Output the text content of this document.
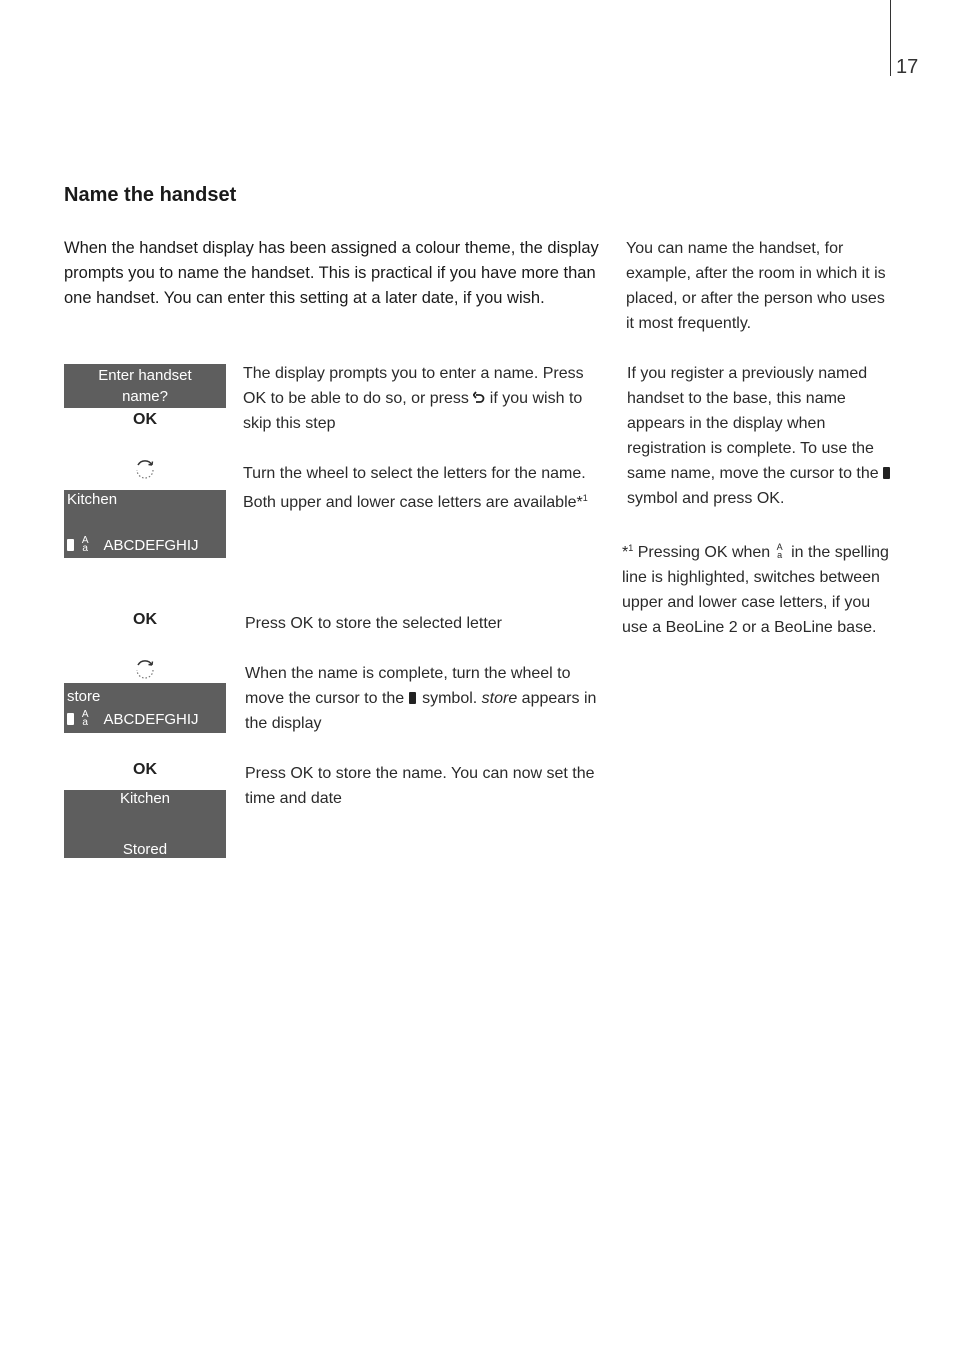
17
Name the handset
When the handset display has been assigned a colour theme, the display prompts you to name the handset. This is practical if you have more than one handset. You can enter this setting at a later date, if you wish.
Enter handset
name?
OK
Kitchen

A
a ABCDEFGHIJ
OK
store

A
a ABCDEFGHIJ
OK
Kitchen
Stored
The display prompts you to enter a name. Press OK to be able to do so, or press  if you wish to skip this step
Turn the wheel to select the letters for the name. Both upper and lower case letters are available*$^1$
Press OK to store the selected letter
When the name is complete, turn the wheel to move the cursor to the  symbol. store appears in the display
Press OK to store the name. You can now set the time and date
You can name the handset, for example, after the room in which it is placed, or after the person who uses it most frequently.
If you register a previously named handset to the base, this name appears in the display when registration is complete. To use the same name, move the cursor to the  symbol and press OK.
*$^1$ Pressing OK when A
a in the spelling line is highlighted, switches between upper and lower case letters, if you use a BeoLine 2 or a BeoLine base.
